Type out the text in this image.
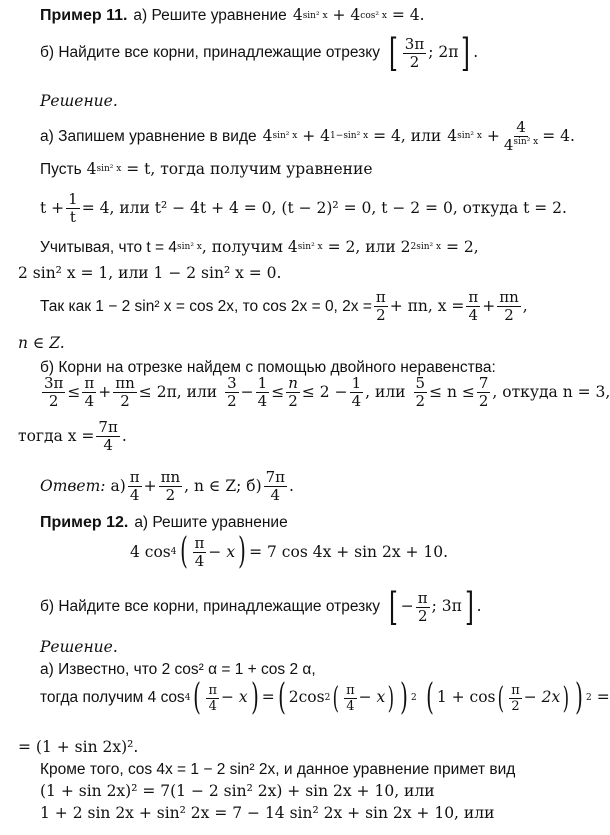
Пример 11. а) Решите уравнение 4 sin² x
+
4 cos² x = 4.
б) Найдите все корни, принадлежащие отрезку [ $\frac{3\pi}{2}$ ; 2π ] .
Решение.
а) Запишем уравнение в виде 4 sin² x + 4 1−sin² x
= 4, или 4 sin² $x + \frac{4}{4^{sin^2 x}} = 4$.
Пусть 4 sin² x
= t, тогда получим уравнение
$t + \frac{1}{t} = 4$, или t² − 4t + 4 = 0, (t − 2)² = 0, t − 2 = 0, откуда t = 2.
Учитывая, что t = 4 sin² x , получим 4 sin² x
= 2, или 2 2sin² x
= 2,
2 sin² x = 1, или 1 − 2 sin² x = 0.
Так как 1 − 2 sin² x = cos 2x, то cos 2x = 0, $2x = \frac{\pi}{2} + \pi n$, $x = \frac{\pi}{4} + \frac{\pi n}{2}$ ,
n ∈ Z.
б) Корни на отрезке найдем с помощью двойного неравенства:
$\frac{3\pi}{2} \le \frac{\pi}{4} + \frac{\pi n}{2} \le 2\pi$, или $\frac{3}{2} - \frac{1}{4} \le \frac{n}{2} \le 2 - \frac{1}{4}$ , или $\frac{5}{2} \le n \le \frac{7}{2}$ , откуда n = 3,
тогда $x = \frac{7\pi}{4}$ .
Ответ:
$а) \frac{\pi}{4} + \frac{\pi n}{2}$ , n ∈ Z; $б) \frac{7\pi}{4}$ .
Пример 12. а) Решите уравнение
4 cos 4 ( $\frac{\pi}{4} - x$ ) = 7 cos 4x + sin 2x + 10.
б) Найдите все корни, принадлежащие отрезку [ − $\frac{\pi}{2}$ ; 3π ] .
Решение.
а) Известно, что 2 cos² α = 1 + cos 2 α,
тогда получим 4 cos 4 ( $\frac{\pi}{4} - x$ ) = ( 2cos 2 ( $\frac{\pi}{4} - x$ ) ) 2 ( 1 + cos ( $\frac{\pi}{2} - 2x$ ) ) 2
=
= (1 + sin 2x)².
Кроме того, cos 4x = 1 − 2 sin² 2x, и данное уравнение примет вид
(1 + sin 2x)² = 7(1 − 2 sin² 2x) + sin 2x + 10, или
1 + 2 sin 2x + sin² 2x = 7 − 14 sin² 2x + sin 2x + 10, или
